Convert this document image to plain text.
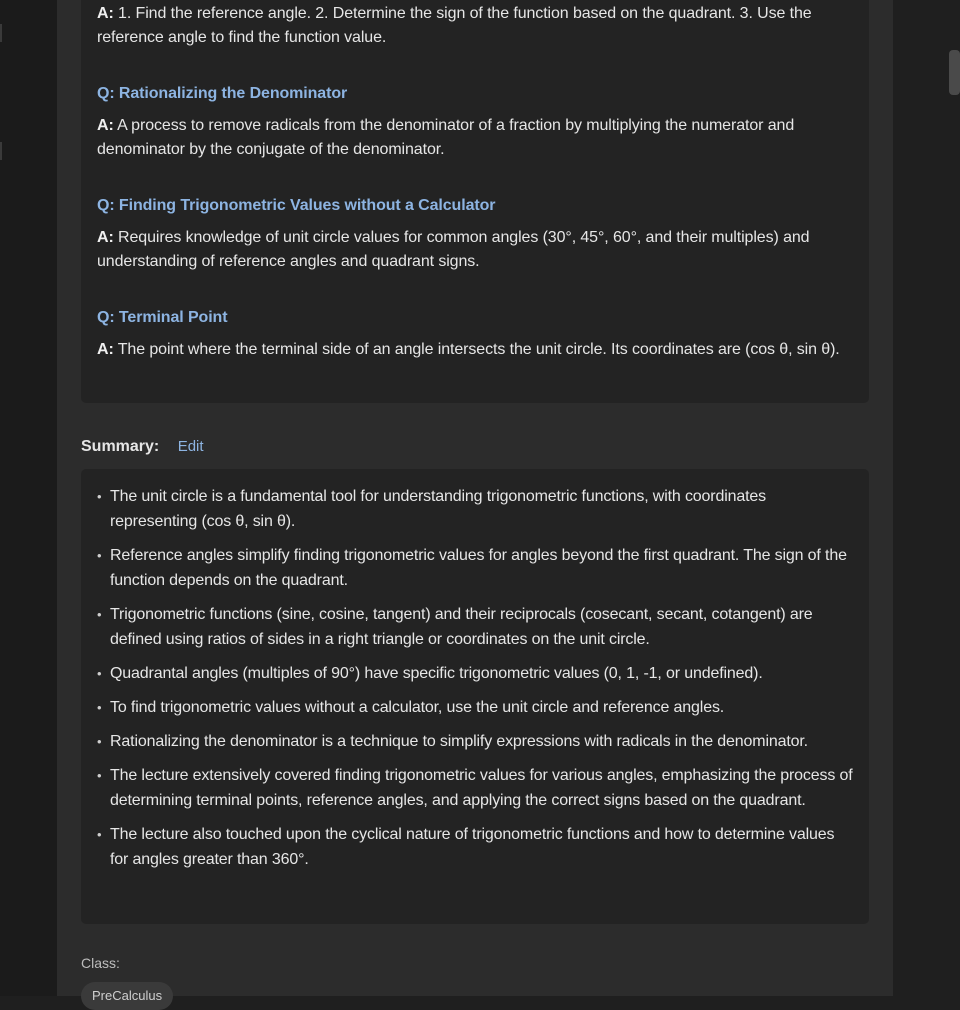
A: 1. Find the reference angle. 2. Determine the sign of the function based on the quadrant. 3. Use the reference angle to find the function value.

Q: Rationalizing the Denominator

A: A process to remove radicals from the denominator of a fraction by multiplying the numerator and denominator by the conjugate of the denominator.

Q: Finding Trigonometric Values without a Calculator

A: Requires knowledge of unit circle values for common angles (30°, 45°, 60°, and their multiples) and understanding of reference angles and quadrant signs.

Q: Terminal Point

A: The point where the terminal side of an angle intersects the unit circle. Its coordinates are (cos θ, sin θ).

Summary: Edit
• The unit circle is a fundamental tool for understanding trigonometric functions, with coordinates representing (cos θ, sin θ).
• Reference angles simplify finding trigonometric values for angles beyond the first quadrant. The sign of the function depends on the quadrant.
• Trigonometric functions (sine, cosine, tangent) and their reciprocals (cosecant, secant, cotangent) are defined using ratios of sides in a right triangle or coordinates on the unit circle.
• Quadrantal angles (multiples of 90°) have specific trigonometric values (0, 1, -1, or undefined).
• To find trigonometric values without a calculator, use the unit circle and reference angles.
• Rationalizing the denominator is a technique to simplify expressions with radicals in the denominator.
• The lecture extensively covered finding trigonometric values for various angles, emphasizing the process of determining terminal points, reference angles, and applying the correct signs based on the quadrant.
• The lecture also touched upon the cyclical nature of trigonometric functions and how to determine values for angles greater than 360°.
Class:
PreCalculus
